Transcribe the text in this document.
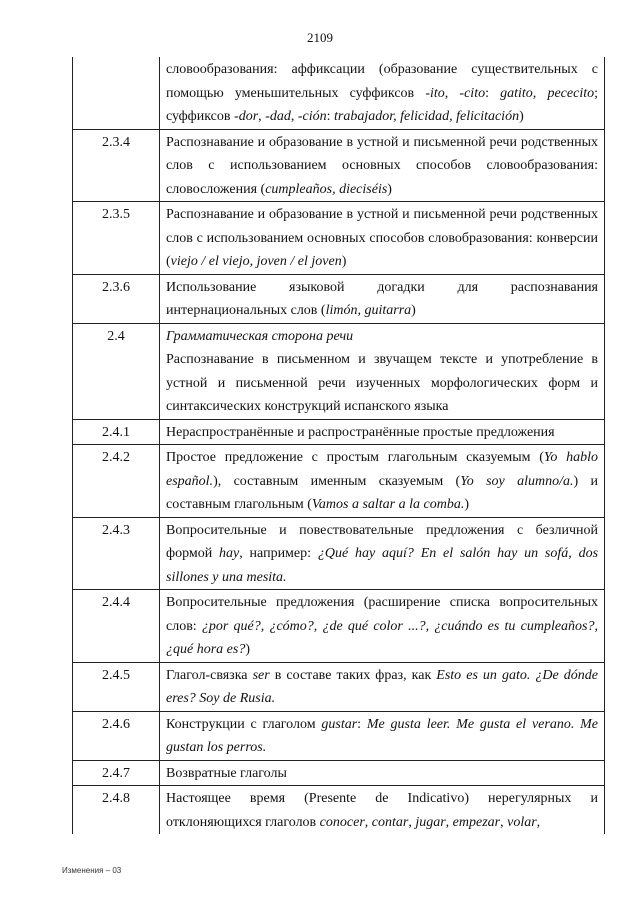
2109
	словообразования: аффиксации (образование существительных с помощью уменьшительных суффиксов -ito, -cito: gatito, pececito; суффиксов -dor, -dad, -ción: trabajador, felicidad, felicitación)
2.3.4	Распознавание и образование в устной и письменной речи родственных слов с использованием основных способов словообразования: словосложения (cumpleaños, dieciséis)
2.3.5	Распознавание и образование в устной и письменной речи родственных слов с использованием основных способов словобразования: конверсии (viejo / el viejo, joven / el joven)
2.3.6	Использование языковой догадки для распознавания интернациональных слов (limón, guitarra)
2.4	Грамматическая сторона речи
Распознавание в письменном и звучащем тексте и употребление в устной и письменной речи изученных морфологических форм и синтаксических конструкций испанского языка
2.4.1	Нераспространённые и распространённые простые предложения
2.4.2	Простое предложение с простым глагольным сказуемым (Yo hablo español.), составным именным сказуемым (Yo soy alumno/a.) и составным глагольным (Vamos a saltar a la comba.)
2.4.3	Вопросительные и повествовательные предложения с безличной формой hay, например: ¿Qué hay aquí? En el salón hay un sofá, dos sillones y una mesita.
2.4.4	Вопросительные предложения (расширение списка вопросительных слов: ¿por qué?, ¿cómo?, ¿de qué color ...?, ¿cuándo es tu cumpleaños?, ¿qué hora es?)
2.4.5	Глагол-связка ser в составе таких фраз, как Esto es un gato. ¿De dónde eres? Soy de Rusia.
2.4.6	Конструкции с глаголом gustar: Me gusta leer. Me gusta el verano. Me gustan los perros.
2.4.7	Возвратные глаголы
2.4.8	Настоящее время (Presente de Indicativo) нерегулярных и отклоняющихся глаголов conocer, contar, jugar, empezar, volar,
Изменения – 03
